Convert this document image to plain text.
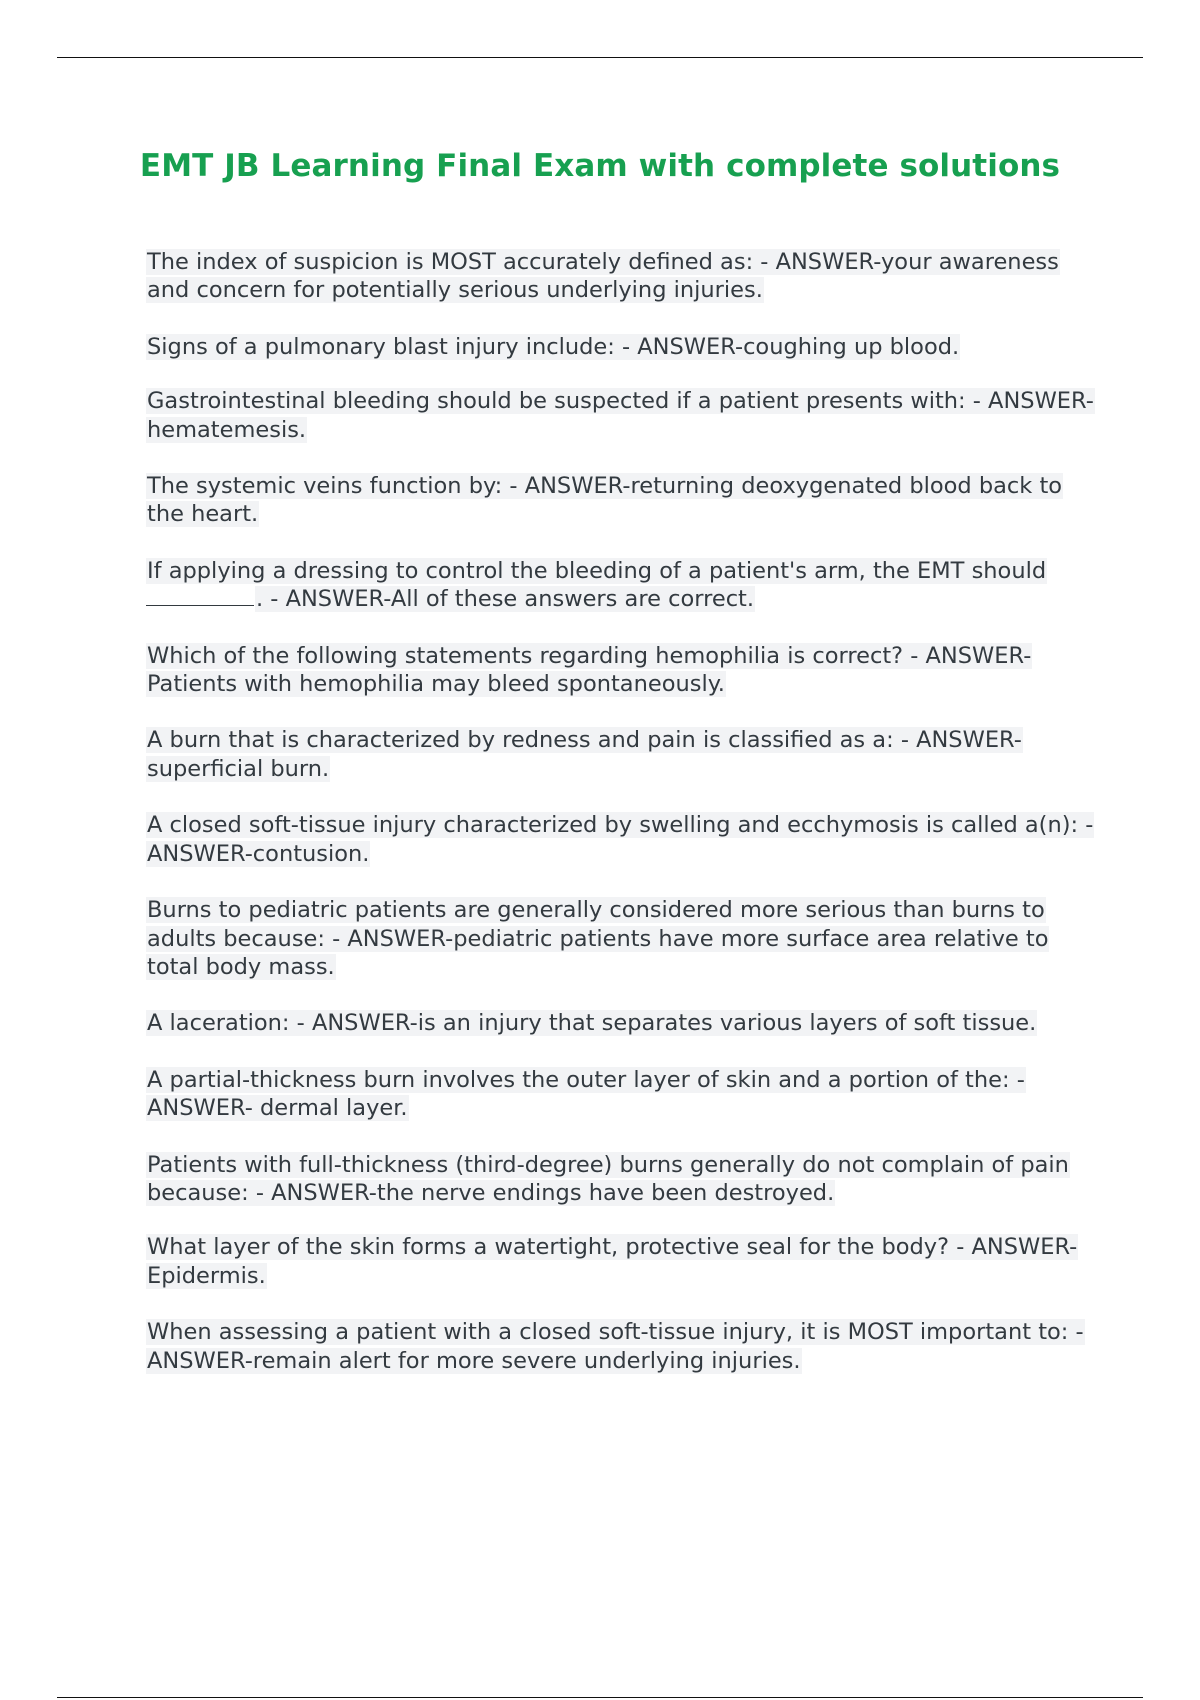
EMT JB Learning Final Exam with complete solutions

The index of suspicion is MOST accurately defined as: - ANSWER-your awareness and concern for potentially serious underlying injuries.

Signs of a pulmonary blast injury include: - ANSWER-coughing up blood.

Gastrointestinal bleeding should be suspected if a patient presents with: - ANSWER- hematemesis.

The systemic veins function by: - ANSWER-returning deoxygenated blood back to the heart.

If applying a dressing to control the bleeding of a patient's arm, the EMT should
. - ANSWER-All of these answers are correct.

Which of the following statements regarding hemophilia is correct? - ANSWER-Patients with hemophilia may bleed spontaneously.

A burn that is characterized by redness and pain is classified as a: - ANSWER- superficial burn.

A closed soft-tissue injury characterized by swelling and ecchymosis is called a(n): - ANSWER-contusion.

Burns to pediatric patients are generally considered more serious than burns to adults because: - ANSWER-pediatric patients have more surface area relative to total body mass.

A laceration: - ANSWER-is an injury that separates various layers of soft tissue.

A partial-thickness burn involves the outer layer of skin and a portion of the: - ANSWER- dermal layer.

Patients with full-thickness (third-degree) burns generally do not complain of pain because: - ANSWER-the nerve endings have been destroyed.

What layer of the skin forms a watertight, protective seal for the body? - ANSWER- Epidermis.

When assessing a patient with a closed soft-tissue injury, it is MOST important to: - ANSWER-remain alert for more severe underlying injuries.
